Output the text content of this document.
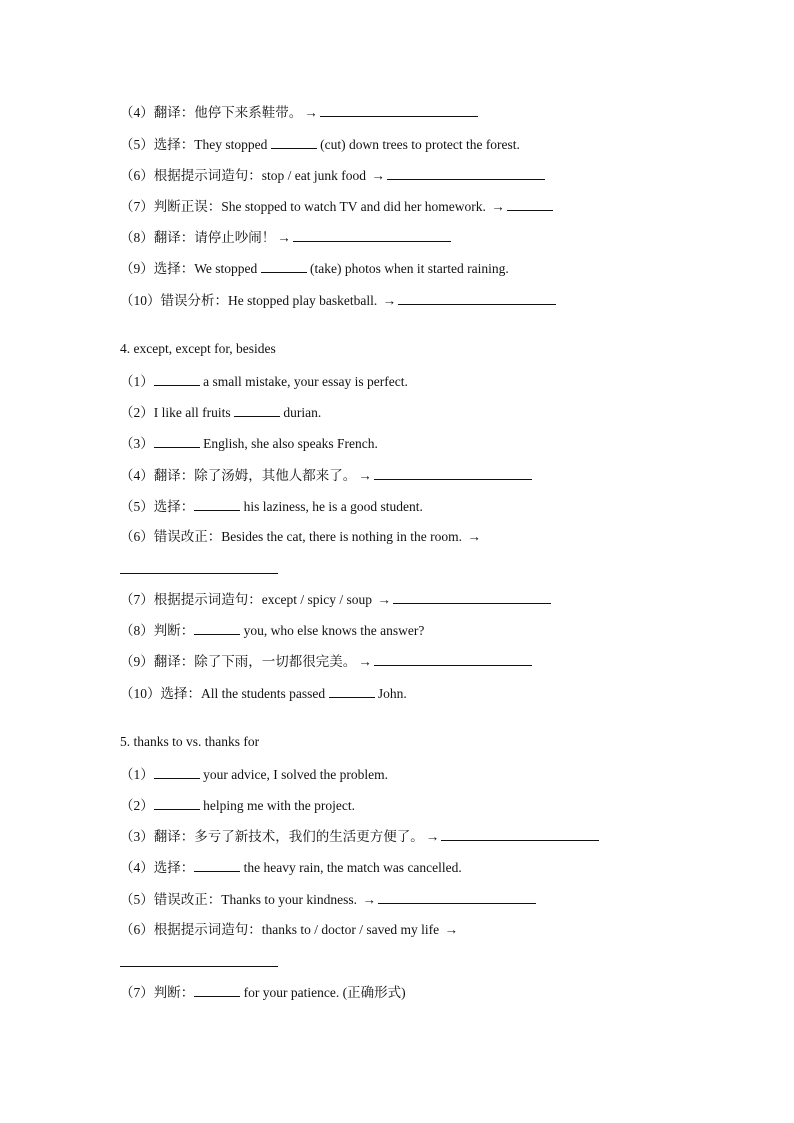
（4）翻译：他停下来系鞋带。 →
（5）选择：They stopped	(cut) down trees to protect the forest.
（6）根据提示词造句：stop / eat junk food →
（7）判断正误：She stopped to watch TV and did her homework. →
（8）翻译：请停止吵闹！ →
（9）选择：We stopped	(take) photos when it started raining.
（10）错误分析：He stopped play basketball. →
4. except, except for, besides
（1）	a small mistake, your essay is perfect.
（2）I like all fruits	durian.
（3）	English, she also speaks French.
（4）翻译：除了汤姆，其他人都来了。 →
（5）选择：	his laziness, he is a good student.
（6）错误改正：Besides the cat, there is nothing in the room. →
（7）根据提示词造句：except / spicy / soup →
（8）判断：	you, who else knows the answer?
（9）翻译：除了下雨，一切都很完美。 →
（10）选择：All the students passed	John.
5. thanks to vs. thanks for
（1）	your advice, I solved the problem.
（2）	helping me with the project.
（3）翻译：多亏了新技术，我们的生活更方便了。 →
（4）选择：	the heavy rain, the match was cancelled.
（5）错误改正：Thanks to your kindness. →
（6）根据提示词造句：thanks to / doctor / saved my life →
（7）判断：	for your patience. (正确形式)
